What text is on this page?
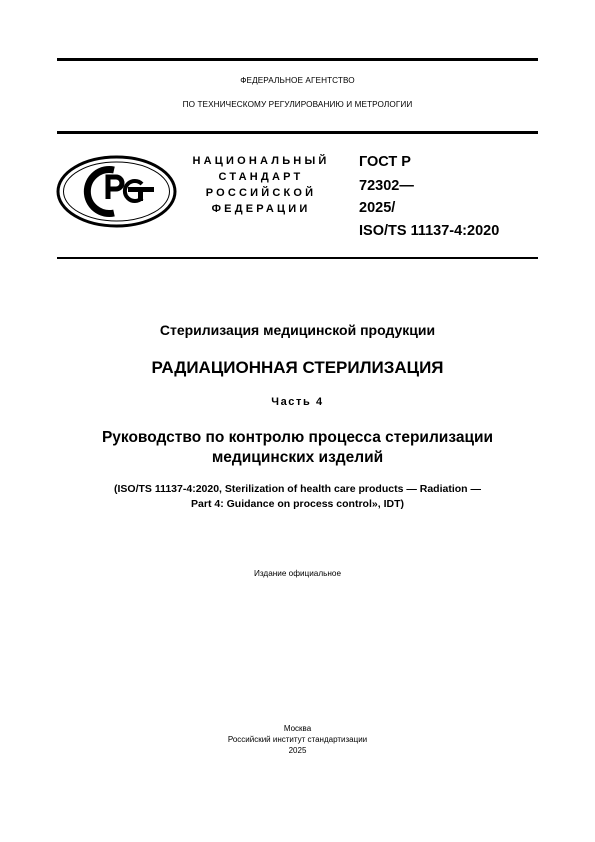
ФЕДЕРАЛЬНОЕ АГЕНТСТВО
ПО ТЕХНИЧЕСКОМУ РЕГУЛИРОВАНИЮ И МЕТРОЛОГИИ
НАЦИОНАЛЬНЫЙ
СТАНДАРТ
РОССИЙСКОЙ
ФЕДЕРАЦИИ
ГОСТ Р
72302—
2025/
ISO/TS 11137-4:2020
Стерилизация медицинской продукции
РАДИАЦИОННАЯ СТЕРИЛИЗАЦИЯ
Часть 4
Руководство по контролю процесса стерилизации
медицинских изделий
(ISO/TS 11137-4:2020, Sterilization of health care products — Radiation —
Part 4: Guidance on process control», IDT)
Издание официальное
Москва
Российский институт стандартизации
2025
